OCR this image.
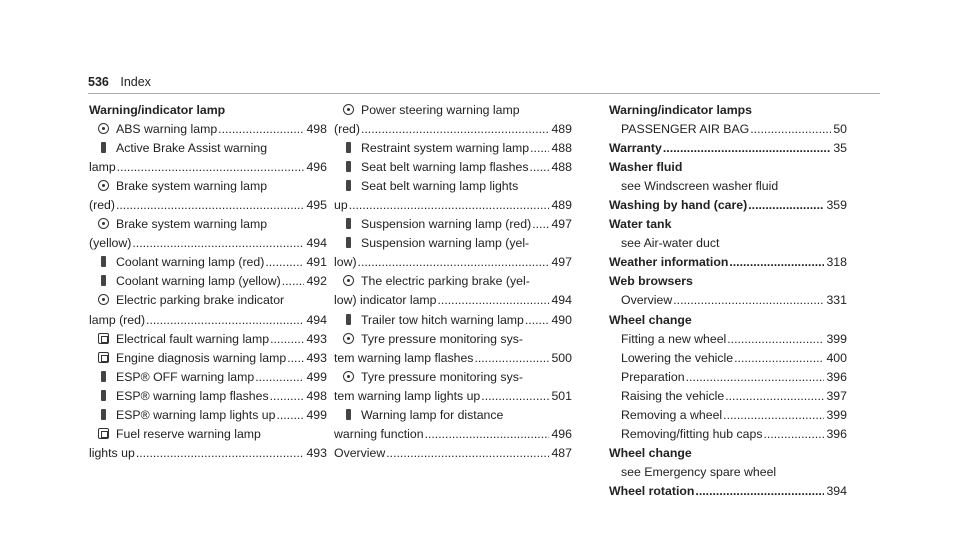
536 Index
Warning/indicator lamp
ABS warning lamp .....	498
Active Brake Assist warning
lamp .....	496
Brake system warning lamp
(red) .....	495
Brake system warning lamp
(yellow) .....	494
Coolant warning lamp (red) .....	491
Coolant warning lamp (yellow) ..... 492
Electric parking brake indicator
lamp (red) .....	494
Electrical fault warning lamp .....	493
Engine diagnosis warning lamp ..... 493
ESP® OFF warning lamp .....	499
ESP® warning lamp flashes .....	498
ESP® warning lamp lights up .....	499
Fuel reserve warning lamp
lights up .....	493
Power steering warning lamp
(red) .....	489
Restraint system warning lamp ..... 488
Seat belt warning lamp flashes ..... 488
Seat belt warning lamp lights
up .....	489
Suspension warning lamp (red) ..... 497
Suspension warning lamp (yel-
low) .....	497
The electric parking brake (yel-
low) indicator lamp .....	494
Trailer tow hitch warning lamp ..... 490
Tyre pressure monitoring sys-
tem warning lamp flashes .....	500
Tyre pressure monitoring sys-
tem warning lamp lights up .....	501
Warning lamp for distance
warning function .....	496
Overview .....	487
Warning/indicator lamps
PASSENGER AIR BAG .....	50
Warranty .....	35
Washer fluid
see Windscreen washer fluid
Washing by hand (care) .....	359
Water tank
see Air-water duct
Weather information .....	318
Web browsers
Overview .....	331
Wheel change
Fitting a new wheel .....	399
Lowering the vehicle .....	400
Preparation .....	396
Raising the vehicle .....	397
Removing a wheel .....	399
Removing/fitting hub caps .....	396
Wheel change
see Emergency spare wheel
Wheel rotation .....	394
